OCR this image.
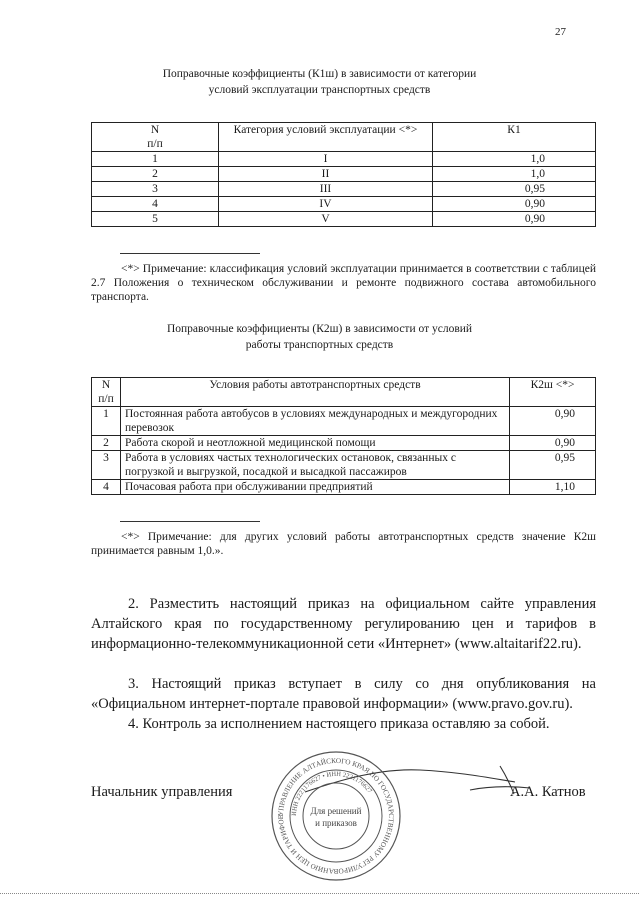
27
Поправочные коэффициенты (К1ш) в зависимости от категории
условий эксплуатации транспортных средств
N
п/п	Категория условий эксплуатации <*>	К1
1	I	1,0
2	II	1,0
3	III	0,95
4	IV	0,90
5	V	0,90
<*> Примечание: классификация условий эксплуатации принимается в соответствии с таблицей 2.7 Положения о техническом обслуживании и ремонте подвижного состава автомобильного транспорта.
Поправочные коэффициенты (К2ш) в зависимости от условий
работы транспортных средств
N
п/п	Условия работы автотранспортных средств	К2ш <*>
1	Постоянная работа автобусов в условиях международных и междугородних перевозок	0,90
2	Работа скорой и неотложной медицинской помощи	0,90
3	Работа в условиях частых технологических остановок, связанных с погрузкой и выгрузкой, посадкой и высадкой пассажиров	0,95
4	Почасовая работа при обслуживании предприятий	1,10
<*> Примечание: для других условий работы автотранспортных средств значение К2ш принимается равным 1,0.».
2. Разместить настоящий приказ на официальном сайте управления Алтайского края по государственному регулированию цен и тарифов в информационно-телекоммуникационной сети «Интернет» (www.altaitarif22.ru).
3. Настоящий приказ вступает в силу со дня опубликования на «Официальном интернет-портале правовой информации» (www.pravo.gov.ru).
4. Контроль за исполнением настоящего приказа оставляю за собой.
Начальник управления	А.А. Катнов
УПРАВЛЕНИЕ АЛТАЙСКОГО КРАЯ ПО ГОСУДАРСТВЕННОМУ РЕГУЛИРОВАНИЮ ЦЕН И ТАРИФОВ
ИНН 2221176627 • ИНН 2221176627
Для решений
и приказов
